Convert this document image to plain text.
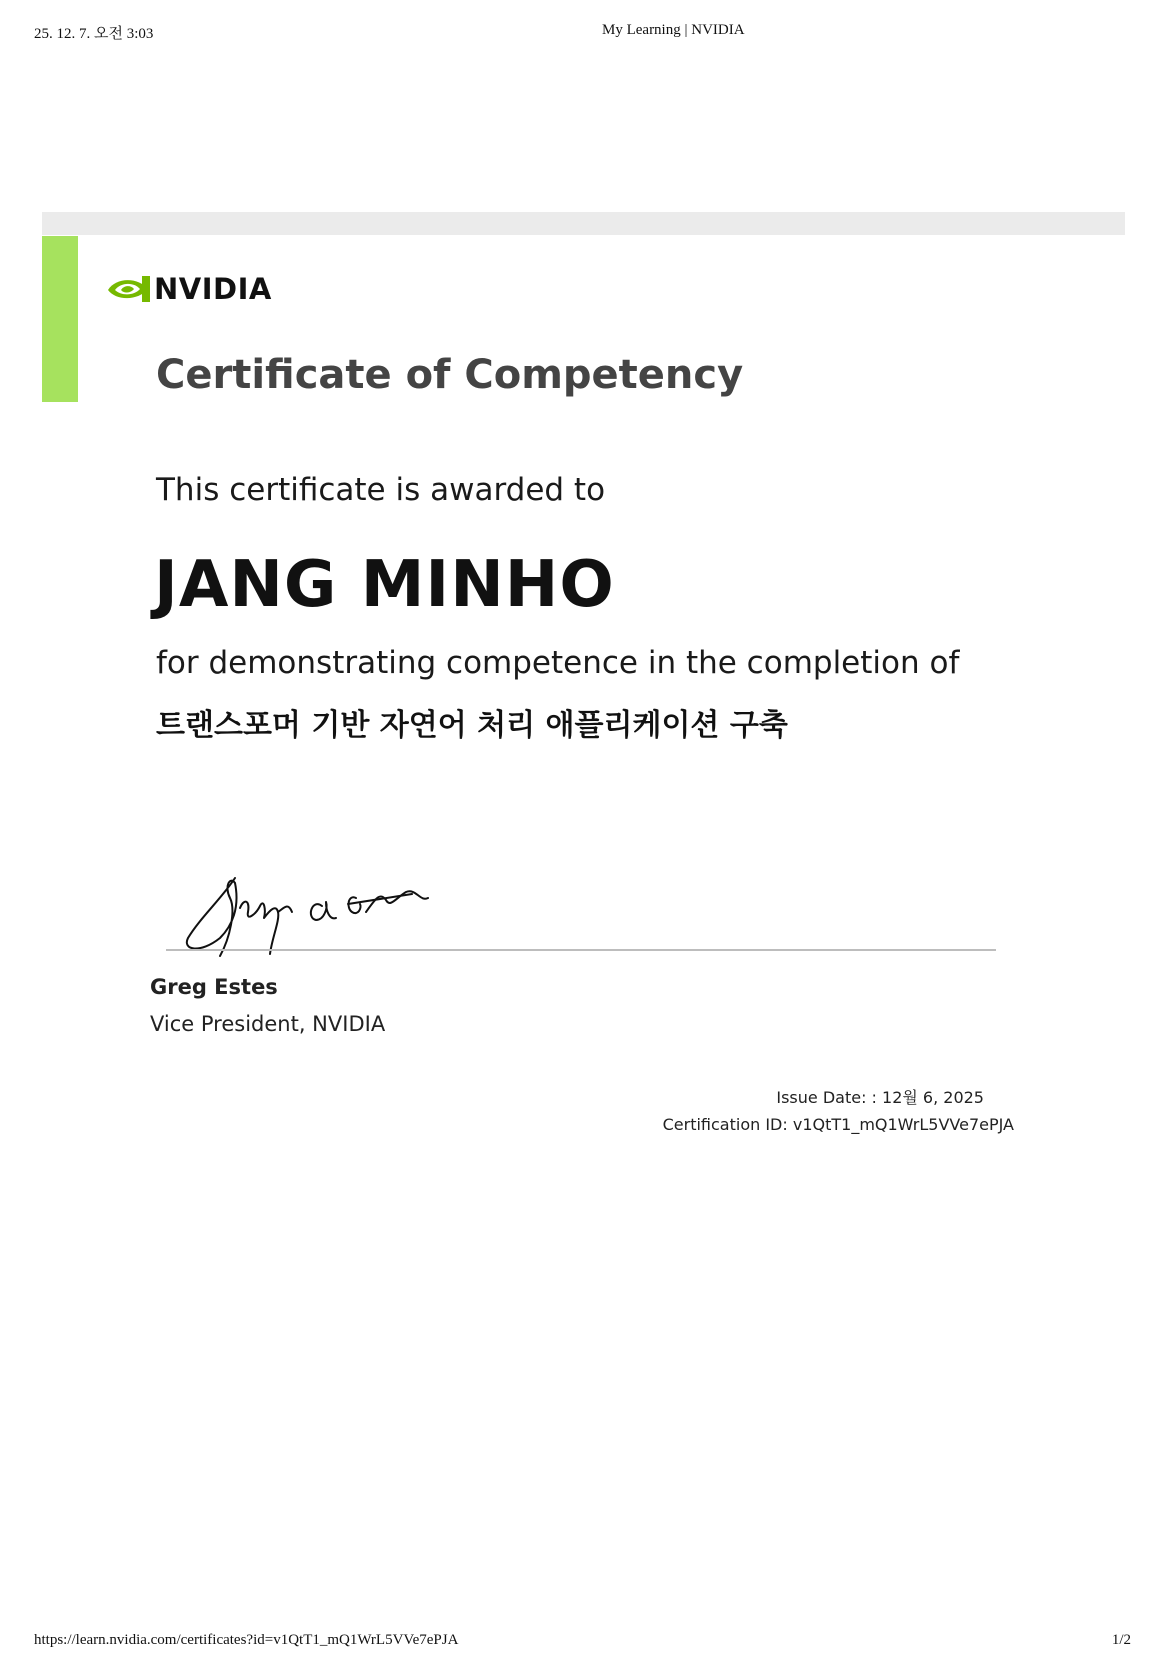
25. 12. 7. 오전 3:03	My Learning | NVIDIA
NVIDIA
Certificate of Competency
This certificate is awarded to
JANG MINHO
for demonstrating competence in the completion of
트랜스포머 기반 자연어 처리 애플리케이션 구축
Greg Estes
Vice President, NVIDIA
Issue Date: : 12월 6, 2025
Certification ID: v1QtT1_mQ1WrL5VVe7ePJA
https://learn.nvidia.com/certificates?id=v1QtT1_mQ1WrL5VVe7ePJA	1/2
